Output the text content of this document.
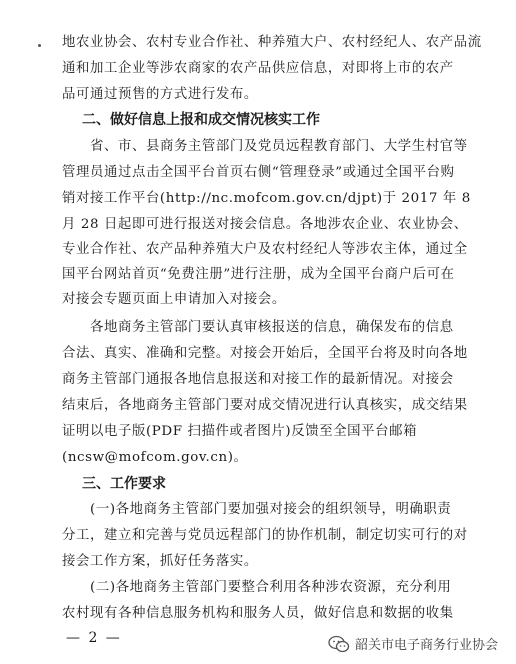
地农业协会、农村专业合作社、种养殖大户、农村经纪人、农产品流
通和加工企业等涉农商家的农产品供应信息，对即将上市的农产
品可通过预售的方式进行发布。
二、做好信息上报和成交情况核实工作
省、市、县商务主管部门及党员远程教育部门、大学生村官等
管理员通过点击全国平台首页右侧“管理登录”或通过全国平台购
销对接工作平台(http://nc.mofcom.gov.cn/djpt)于 2017 年 8
月 28 日起即可进行报送对接会信息。各地涉农企业、农业协会、
专业合作社、农产品种养殖大户及农村经纪人等涉农主体，通过全
国平台网站首页“免费注册”进行注册，成为全国平台商户后可在
对接会专题页面上申请加入对接会。
各地商务主管部门要认真审核报送的信息，确保发布的信息
合法、真实、准确和完整。对接会开始后，全国平台将及时向各地
商务主管部门通报各地信息报送和对接工作的最新情况。对接会
结束后，各地商务主管部门要对成交情况进行认真核实，成交结果
证明以电子版(PDF 扫描件或者图片)反馈至全国平台邮箱
(ncsw@mofcom.gov.cn)。
三、工作要求
(一)各地商务主管部门要加强对接会的组织领导，明确职责
分工，建立和完善与党员远程部门的协作机制，制定切实可行的对
接会工作方案，抓好任务落实。
(二)各地商务主管部门要整合利用各种涉农资源，充分利用
农村现有各种信息服务机构和服务人员，做好信息和数据的收集
— 2 —	韶关市电子商务行业协会
